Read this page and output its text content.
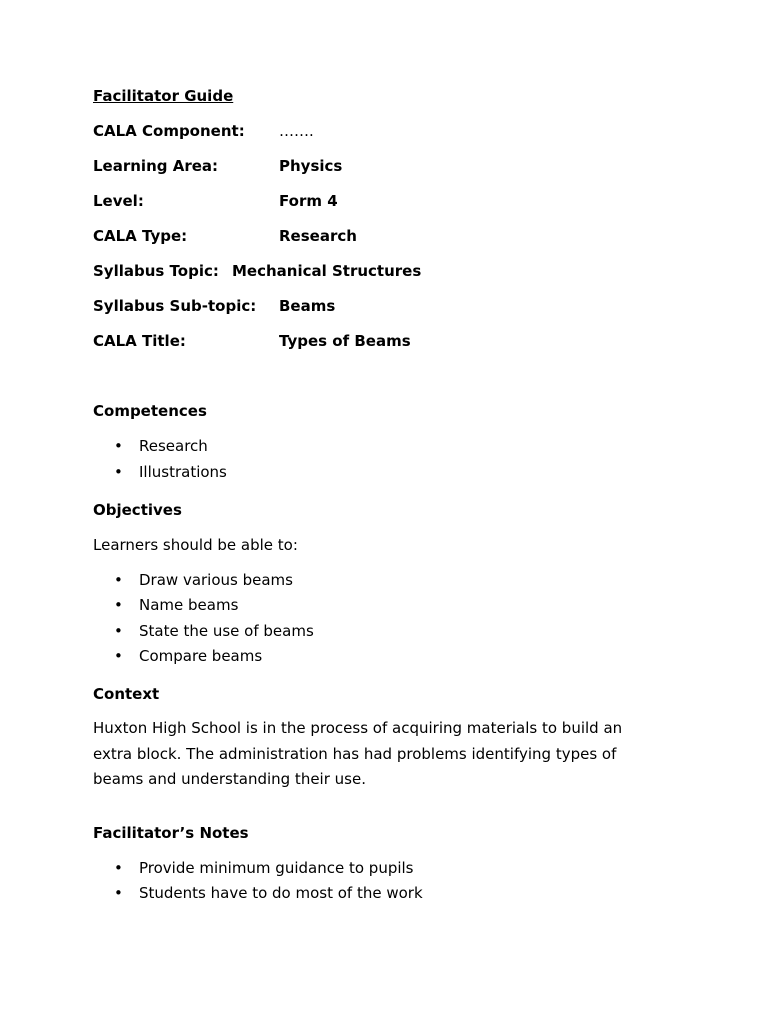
Facilitator Guide
CALA Component: …….
Learning Area:	Physics
Level:	Form 4
CALA Type:	Research
Syllabus Topic: Mechanical Structures
Syllabus Sub-topic: Beams
CALA Title:	Types of Beams
Competences
• Research
• Illustrations
Objectives

Learners should be able to:

• Draw various beams
• Name beams
• State the use of beams
• Compare beams
Context

Huxton High School is in the process of acquiring materials to build an extra block. The administration has had problems identifying types of beams and understanding their use.

Facilitator’s Notes
• Provide minimum guidance to pupils
• Students have to do most of the work
